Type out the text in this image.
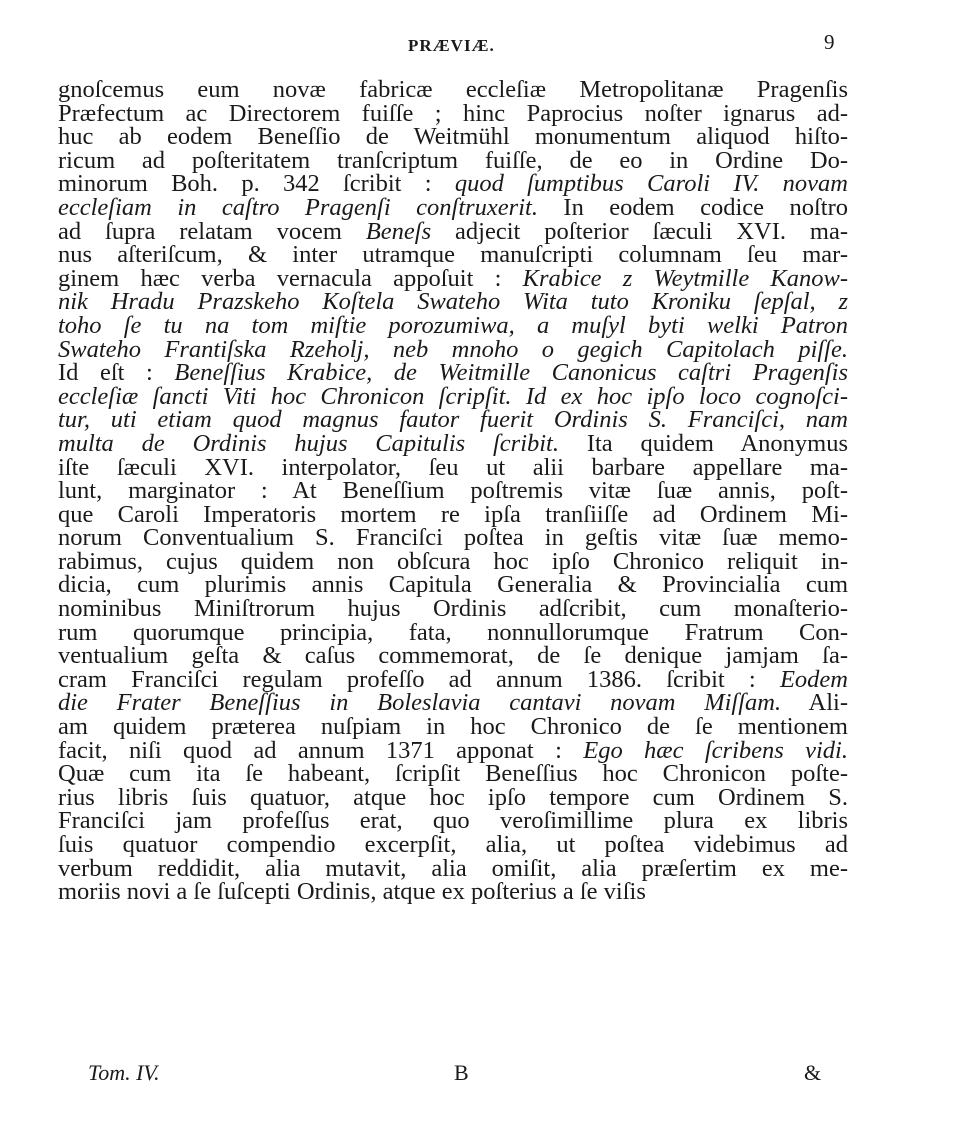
PRÆVIÆ.	9
gnoſcemus eum novæ fabricæ eccleſiæ Metropolitanæ Pragenſis
Præfectum ac Directorem fuiſſe ; hinc Paprocius noſter ignarus ad-
huc ab eodem Beneſſio de Weitmühl monumentum aliquod hiſto-
ricum ad poſteritatem tranſcriptum fuiſſe, de eo in Ordine Do-
minorum Boh. p. 342 ſcribit : quod ſumptibus Caroli IV. novam
eccleſiam in caſtro Pragenſi conſtruxerit. In eodem codice noſtro
ad ſupra relatam vocem Beneſs adjecit poſterior ſæculi XVI. ma-
nus aſteriſcum, & inter utramque manuſcripti columnam ſeu mar-
ginem hæc verba vernacula appoſuit : Krabice z Weytmille Kanow-
nik Hradu Prazskeho Koſtela Swateho Wita tuto Kroniku ſepſal, z
toho ſe tu na tom miſtie porozumiwa, a muſyl byti welki Patron
Swateho Frantiſska Rzeholj, neb mnoho o gegich Capitolach piſſe.
Id eſt : Beneſſius Krabice, de Weitmille Canonicus caſtri Pragenſis
eccleſiæ ſancti Viti hoc Chronicon ſcripſit. Id ex hoc ipſo loco cognoſci-
tur, uti etiam quod magnus fautor fuerit Ordinis S. Franciſci, nam
multa de Ordinis hujus Capitulis ſcribit. Ita quidem Anonymus
iſte ſæculi XVI. interpolator, ſeu ut alii barbare appellare ma-
lunt, marginator : At Beneſſium poſtremis vitæ ſuæ annis, poſt-
que Caroli Imperatoris mortem re ipſa tranſiiſſe ad Ordinem Mi-
norum Conventualium S. Franciſci poſtea in geſtis vitæ ſuæ memo-
rabimus, cujus quidem non obſcura hoc ipſo Chronico reliquit in-
dicia, cum plurimis annis Capitula Generalia & Provincialia cum
nominibus Miniſtrorum hujus Ordinis adſcribit, cum monaſterio-
rum quorumque principia, fata, nonnullorumque Fratrum Con-
ventualium geſta & caſus commemorat, de ſe denique jamjam ſa-
cram Franciſci regulam profeſſo ad annum 1386. ſcribit : Eodem
die Frater Beneſſius in Boleslavia cantavi novam Miſſam. Ali-
am quidem præterea nuſpiam in hoc Chronico de ſe mentionem
facit, niſi quod ad annum 1371 apponat : Ego hæc ſcribens vidi.
Quæ cum ita ſe habeant, ſcripſit Beneſſius hoc Chronicon poſte-
rius libris ſuis quatuor, atque hoc ipſo tempore cum Ordinem S.
Franciſci jam profeſſus erat, quo veroſimillime plura ex libris
ſuis quatuor compendio excerpſit, alia, ut poſtea videbimus ad
verbum reddidit, alia mutavit, alia omiſit, alia præſertim ex me-
moriis novi a ſe ſuſcepti Ordinis, atque ex poſterius a ſe viſis
Tom. IV.	B	&
